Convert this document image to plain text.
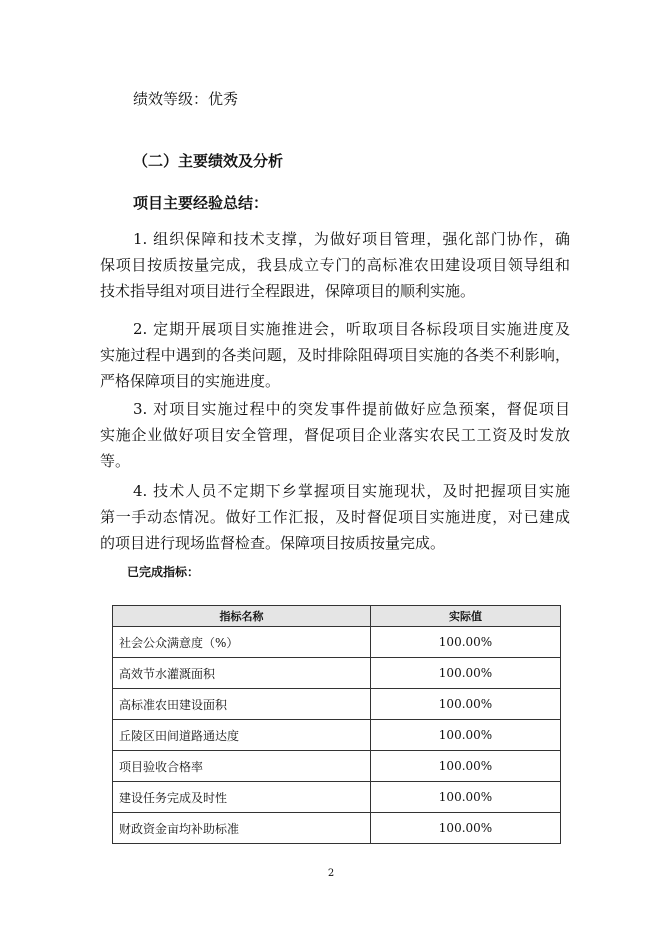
绩效等级：优秀
（二）主要绩效及分析
项目主要经验总结：
1. 组织保障和技术支撑，为做好项目管理，强化部门协作，确
保项目按质按量完成，我县成立专门的高标准农田建设项目领导组和
技术指导组对项目进行全程跟进，保障项目的顺利实施。
2. 定期开展项目实施推进会，听取项目各标段项目实施进度及
实施过程中遇到的各类问题，及时排除阻碍项目实施的各类不利影响，
严格保障项目的实施进度。
3. 对项目实施过程中的突发事件提前做好应急预案，督促项目
实施企业做好项目安全管理，督促项目企业落实农民工工资及时发放
等。
4. 技术人员不定期下乡掌握项目实施现状，及时把握项目实施
第一手动态情况。做好工作汇报，及时督促项目实施进度，对已建成
的项目进行现场监督检查。保障项目按质按量完成。
已完成指标：
指标名称	实际值
社会公众满意度（%）	100.00%
高效节水灌溉面积	100.00%
高标准农田建设面积	100.00%
丘陵区田间道路通达度	100.00%
项目验收合格率	100.00%
建设任务完成及时性	100.00%
财政资金亩均补助标准	100.00%
2
